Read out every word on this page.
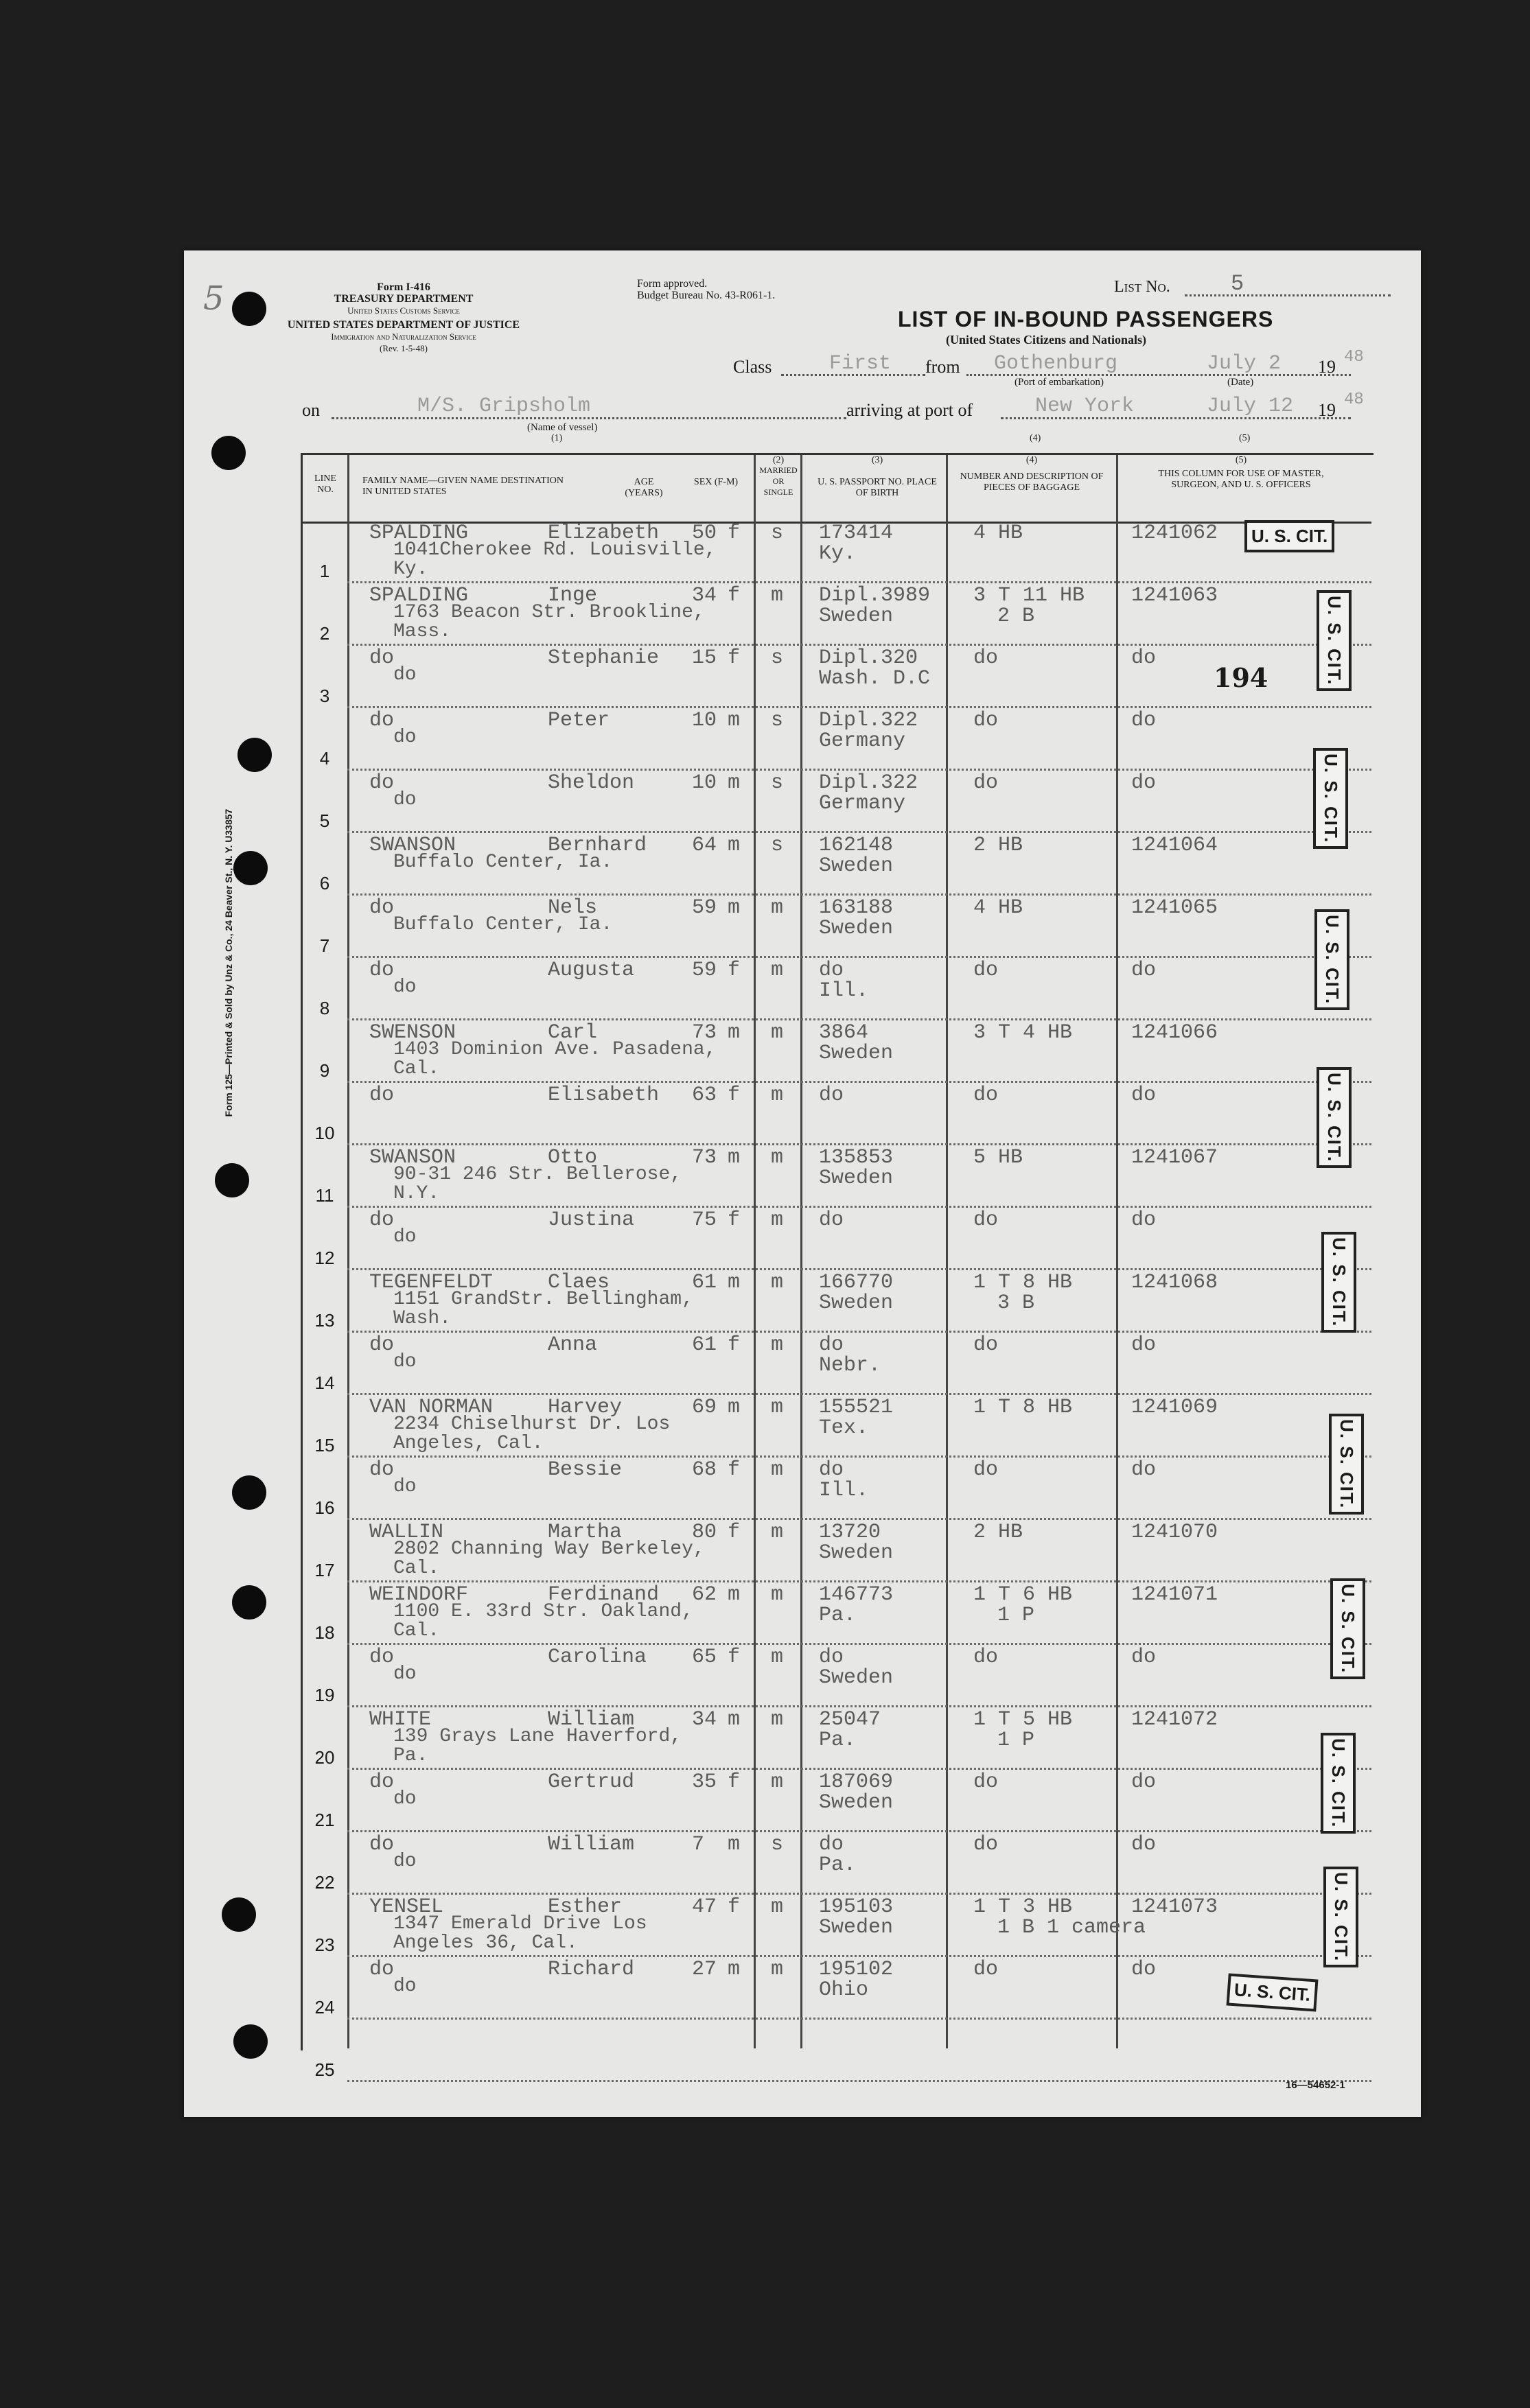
5
Form 125—Printed & Sold by Unz & Co., 24 Beaver St., N. Y. U33857
Form I-416
TREASURY DEPARTMENT
United States Customs Service
UNITED STATES DEPARTMENT OF JUSTICE
Immigration and Naturalization Service
(Rev. 1-5-48)
Form approved.
Budget Bureau No. 43-R061-1.	List No.	5
LIST OF IN-BOUND PASSENGERS
(United States Citizens and Nationals)
Class	First from Gothenburg	July 2 19 48
(Port of embarkation)	(Date)
on	M/S. Gripsholm
(Name of vessel)
(1)
arriving at port of	New York	July 12 19
48
(4)	(5)
LINE NO.
FAMILY NAME—GIVEN NAME DESTINATION IN UNITED STATES
AGE (YEARS)
SEX (F-M)
MARRIED OR SINGLE
(2)
U. S. PASSPORT NO. PLACE OF BIRTH
(3)
NUMBER AND DESCRIPTION OF PIECES OF BAGGAGE
(4)
THIS COLUMN FOR USE OF MASTER, SURGEON, AND U. S. OFFICERS
(5)
1
SPALDING	Elizabeth
1041Cherokee Rd. Louisville, Ky.
50 f s 173414
Ky.
4 HB	1241062
2
SPALDING	Inge
1763 Beacon Str. Brookline, Mass.
34 f m Dipl.3989
Sweden
3 T 11 HB
2 B
1241063
3
do	Stephanie
do
15 f s Dipl.320
Wash. D.C
do	do
4
do	Peter
do
10 m s Dipl.322
Germany
do	do
5
do	Sheldon
do
10 m s Dipl.322
Germany
do	do
6
SWANSON	Bernhard
Buffalo Center, Ia.
64 m s 162148
Sweden
2 HB	1241064
7
do	Nels
Buffalo Center, Ia.
59 m m 163188
Sweden
4 HB	1241065
8
do	Augusta
do
59 f m do
Ill.
do	do
9
SWENSON	Carl
1403 Dominion Ave. Pasadena, Cal.
73 m m 3864
Sweden
3 T 4 HB	1241066
10
do	Elisabeth 63 f m do	do	do
11
SWANSON	Otto
90-31 246 Str. Bellerose, N.Y.
73 m m 135853
Sweden
5 HB	1241067
12
do	Justina
do
75 f m do	do	do
13
TEGENFELDT	Claes
1151 GrandStr. Bellingham, Wash.
61 m m 166770
Sweden
1 T 8 HB
3 B
1241068
14
do	Anna
do
61 f m do
Nebr.
do	do
15
VAN NORMAN	Harvey
2234 Chiselhurst Dr. Los Angeles, Cal.
69 m m 155521
Tex.
1 T 8 HB	1241069
16
do	Bessie
do
68 f m do
Ill.
do	do
17
WALLIN	Martha
2802 Channing Way Berkeley, Cal.
80 f m 13720
Sweden
2 HB	1241070
18
WEINDORF	Ferdinand
1100 E. 33rd Str. Oakland, Cal.
62 m m 146773
Pa.
1 T 6 HB
1 P
1241071
19
do	Carolina
do
65 f m do
Sweden
do	do
20
WHITE	William
139 Grays Lane Haverford, Pa.
34 m m 25047
Pa.
1 T 5 HB
1 P
1241072
21
do	Gertrud
do
35 f m 187069
Sweden
do	do
22
do	William
do
7 m s do
Pa.
do	do
23
YENSEL	Esther
1347 Emerald Drive Los Angeles 36, Cal.
47 f m 195103
Sweden
1 T 3 HB
1 B 1 camera
1241073
24
do	Richard
do
27 m m 195102
Ohio
do	do
25
U. S. CIT.
U. S. CIT.
U. S. CIT.
U. S. CIT.
U. S. CIT.
U. S. CIT.
U. S. CIT.
U. S. CIT.
U. S. CIT.
U. S. CIT.
U. S. CIT.
194
16—54652-1
